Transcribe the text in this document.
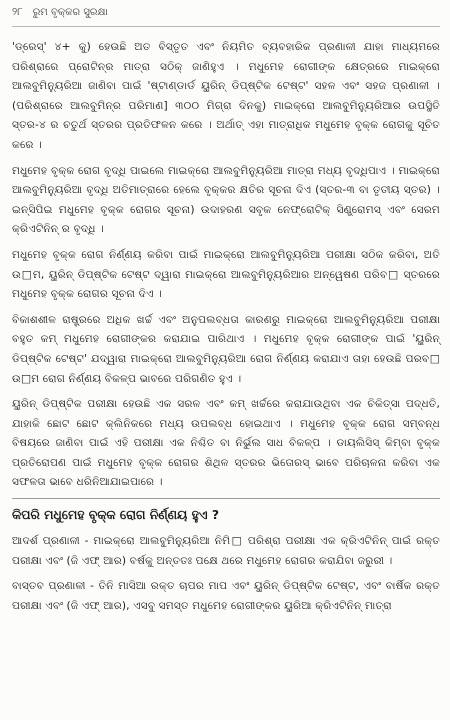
୨୮ ରୁମ ବୃକ୍କର ସୁରକ୍ଷା

'ଡ୍ରେସ୍' ୪+ କୁ) ହେଉଛି ଅତ ବିସ୍ତୃତ ଏବଂ ନିୟମିତ ବ୍ୟବହାରିକ ପ୍ରଣାଳୀ ଯାହା ମାଧ୍ୟମରେ ପରିଶ୍ରାରେ ପ୍ରୋଟିନ୍‌ର ମାତ୍ରା ସଠିକ୍ ଜାଣିହୁଏ । ମଧୁମେହ ରୋଗୀଙ୍କ କ୍ଷେତ୍ରରେ ମାଇକ୍ରୋ ଆଲବୁମିନ୍ୟୁରିଆ ଜାଣିବା ପାଇଁ 'ଷ୍ଟାଣ୍ଡାର୍ଡ ୟୁରିନ୍ ଡିପ୍‌ଷ୍ଟିକ ଟେଷ୍ଟ' ସହଳ ଏବଂ ସହଜ ପ୍ରଣାଳୀ । (ପରିଶ୍ରାରେ ଆଲବୁମିନ୍‌ର ପରିମାଣ] ୩୦୦ ମିଗ୍ରା ଦିନକୁ) ମାଇକ୍ରୋ ଆଲବୁମିନ୍ୟୁରିଆର ଉପସ୍ଥିତି ସ୍ତର-୪ ର ଚତୁର୍ଥ ସ୍ତରର ପ୍ରତିଫଳନ କରେ । ଅର୍ଥାତ୍ ଏହା ମାତ୍ରାଧିକ ମଧୁମେହ ବୃକ୍କ ରୋଗକୁ ସୂଚିତ କରେ ।

ମଧୁମେହ ବୃକ୍କ ରୋଗ ବୃଦ୍ଧି ପାଇଲେ ମାଇକ୍ରୋ ଆଲବୁମିନ୍ୟୁରିଆ ମାତ୍ରା ମଧ୍ୟ ବୃଦ୍ଧିପାଏ । ମାଇକ୍ରୋ ଆଲବୁମିନ୍ୟୁରିଆ ବୃଦ୍ଧି ଅତିମାତ୍ରାରେ ହେଲେ ବୃକ୍କର କ୍ଷତିର ସୂଚନା ଦିଏ (ସ୍ତର-୩ ବା ତୃତୀୟ ସ୍ତର) । ଇନ୍‌ସିପିଇ ମଧୁମେହ ବୃକ୍କ ରୋଗର ସୂଚନା) ଉଦାହରଣ ସବୃକ ନେଫ୍ରୋଟିକ୍ ସିଣ୍ଡ୍ରୋମସ୍ ଏବଂ ସେରମ କ୍ରିଏଟିନିନ୍ ର ବୃଦ୍ଧି ।

ମଧୁମେହ ବୃକ୍କ ରୋଗ ନିର୍ଣ୍ଣୟ କରିବା ପାଇଁ ମାଇକ୍ରୋ ଆଲବୁମିନ୍ୟୁରିଆ ପରୀକ୍ଷା ସଠିକ କରିବା, ଅତି ଉ□ମ, ୟୁରିନ୍ ଡିପ୍‌ଷ୍ଟିକ ଟେଷ୍ଟ ଦ୍ୱାରା ମାଇକ୍ରୋ ଆଲବୁମିନ୍ୟୁରିଆର ଅନ୍ୱେଷଣ ପରିବ□ ସ୍ତରରେ ମଧୁମେହ ବୃକ୍କ ରୋଗର ସୂଚନା ଦିଏ ।

ବିକାଶଶୀଳ ରାଷ୍ଟ୍ରରେ ଅଧିକ ଖର୍ଚ୍ଚ ଏବଂ ଅନୁପଲବ୍ଧତା କାରଣରୁ ମାଇକ୍ରୋ ଆଲବୁମିନ୍ୟୁରିଆ ପରୀକ୍ଷା ବହୁତ କମ୍ ମଧୁମେହ ରୋଗୀଙ୍କର କରାଯାଇ ପାରିଥାଏ । ମଧୁମେହ ବୃକ୍କ ରୋଗୀଙ୍କ ପାଇଁ 'ୟୁରିନ୍ ଡିପ୍‌ଷ୍ଟିକ ଟେଷ୍ଟ' ଯଦ୍ୱାରା ମାଇକ୍ରୋ ଆଲବୁମିନ୍ୟୁରିଆ ରୋଗ ନିର୍ଣ୍ଣୟ କରାଯାଏ ତାହା ହେଉଛି ପରବ□ ଉ□ମ ରୋଗ ନିର୍ଣ୍ଣୟ ବିକଳ୍ପ ଭାବରେ ପରିଗଣିତ ହୁଏ ।

ୟୁରିନ୍ ଡିପ୍‌ଷ୍ଟିକ ପରୀକ୍ଷା ହେଉଛି ଏକ ସରଳ ଏବଂ କମ୍ ଖର୍ଚ୍ଚରେ କରାଯାଉଥିବା ଏକ ଚିକିତ୍ସା ପଦ୍ଧତି, ଯାହାକି ଛୋଟ ଛୋଟ କ୍ଲିନିକରେ ମଧ୍ୟ ଉପଲବ୍ଧ ହୋଇଥାଏ । ମଧୁମେହ ବୃକ୍କ ରୋଗ ସମ୍ବନ୍ଧ ବିଷୟରେ ଜାଣିବା ପାଇଁ ଏହି ପରୀକ୍ଷା ଏକ ନିଶ୍ଚିତ ବା ନିର୍ଭୁଲ ସାଧ ବିକଳ୍ପ । ଡାୟଲିସିସ୍ କିମ୍ବା ବୃକ୍କ ପ୍ରତିରୋପଣ ପାଇଁ ମଧୁମେହ ବୃକ୍କ ରୋଗର ଶିଥିଳ ସ୍ତରର ଭିତୋରସ୍ ଭାବେ ପରିଚାଳନା କରିବା ଏକ ସଫଳତା ଭାବେ ଧରିନିଆଯାଇପାରେ ।

କିପରି ମଧୁମେହ ବୃକ୍କ ରୋଗ ନିର୍ଣ୍ଣୟ ହୁଏ ?

ଆଦର୍ଶ ପ୍ରଣାଳୀ - ମାଇକ୍ରୋ ଆଲବୁମିନ୍ୟୁରିଆ ନିମି□ ପରିଶ୍ରା ପରୀକ୍ଷା ଏକ କ୍ରିଏଟିନିନ୍ ପାଇଁ ରକ୍ତ ପରୀକ୍ଷା ଏବଂ (ଜି ଏଫ୍ ଆର) ବର୍ଷକୁ ଅନ୍ତତଃ ପକ୍ଷେ ଥରେ ମଧୁମେହ ରୋଗର କରାଯିବା ଜରୁରୀ ।

ବାସ୍ତବ ପ୍ରଣାଳୀ - ତିନି ମାସିଆ ରକ୍ତ ଚାପର ମାପ ଏବଂ ୟୁରିନ୍ ଡିପ୍‌ଷ୍ଟିକ ଟେଷ୍ଟ, ଏବଂ ବାର୍ଷିକ ରକ୍ତ ପରୀକ୍ଷା ଏବଂ (ଜି ଏଫ୍ ଆର), ଏସବୁ ସମସ୍ତ ମଧୁମେହ ରୋଗୀଙ୍କର ୟୁରିଆ କ୍ରିଏଟିନିନ୍ ମାତ୍ରା
